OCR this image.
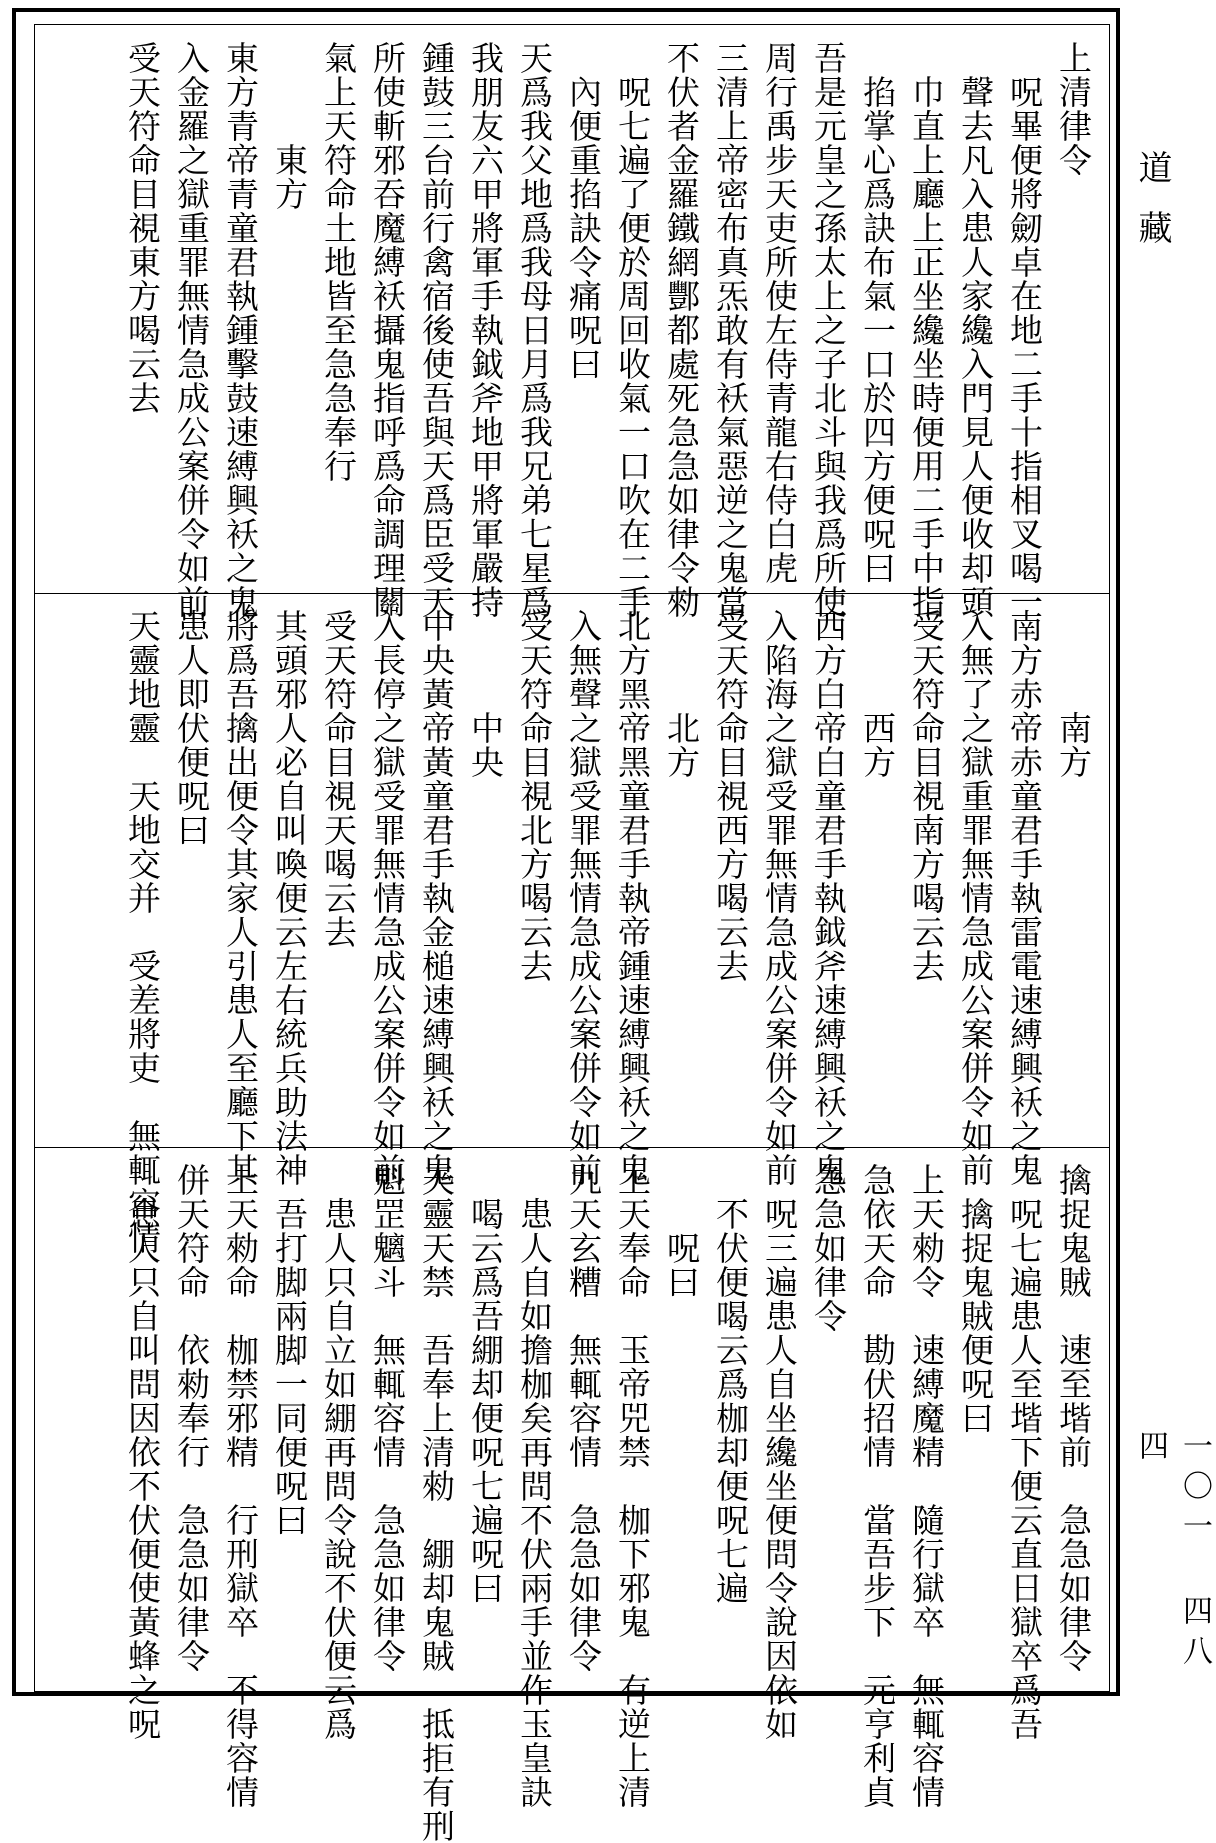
上清律令
　呪畢便將劒卓在地二手十指相叉喝一
　聲去凡入患人家纔入門見人便收却頭
　巾直上廳上正坐纔坐時便用二手中指
　掐掌心爲訣布氣一口於四方便呪曰
吾是元皇之孫太上之子北斗與我爲所使
周行禹步天吏所使左侍青龍右侍白虎
三清上帝密布真炁敢有袄氣惡逆之鬼當
不伏者金羅鐵網酆都處死急急如律令勑
　呪七遍了便於周回收氣一口吹在二手
　內便重掐訣令痛呪曰
天爲我父地爲我母日月爲我兄弟七星爲
我朋友六甲將軍手執鉞斧地甲將軍嚴持
鍾鼓三台前行禽宿後使吾與天爲臣受天
所使斬邪吞魔縛袄攝鬼指呼爲命調理關
氣上天符命土地皆至急急奉行
　　　東方
東方青帝青童君執鍾擊鼓速縛興袄之鬼
入金羅之獄重罪無情急成公案併令如前
受天符命目視東方喝云去
　　　南方
南方赤帝赤童君手執雷電速縛興袄之鬼
入無了之獄重罪無情急成公案併令如前
受天符命目視南方喝云去
　　　西方
西方白帝白童君手執鉞斧速縛興袄之鬼
入陷海之獄受罪無情急成公案併令如前
受天符命目視西方喝云去
　　　北方
北方黑帝黑童君手執帝鍾速縛興袄之鬼
入無聲之獄受罪無情急成公案併令如前
受天符命目視北方喝云去
　　　中央
中央黃帝黃童君手執金槌速縛興袄之鬼
入長停之獄受罪無情急成公案併令如前
受天符命目視天喝云去
其頭邪人必自叫喚便云左右統兵助法神
將爲吾擒出便令其家人引患人至廳下其
患人即伏便呪曰
天靈地靈　天地交并　受差將吏　無輒容情
擒捉鬼賊　速至堦前　急急如律令
　呪七遍患人至堦下便云直日獄卒爲吾
　擒捉鬼賊便呪曰
上天勑令　速縛魔精　隨行獄卒　無輒容情
急依天命　勘伏招情　當吾步下　元亨利貞
急急如律令
　呪三遍患人自坐纔坐便問令說因依如
　不伏便喝云爲枷却便呪七遍
　　呪曰
上天奉命　玉帝兕禁　枷下邪鬼　有逆上清
九天玄糟　無輒容情　急急如律令
　患人自如擔枷矣再問不伏兩手並作玉皇訣
　喝云爲吾綳却便呪七遍呪曰
天靈天禁　吾奉上清勑　綳却鬼賊　抵拒有刑
魁罡魑斗　無輒容情　急急如律令
　患人只自立如綳再問令說不伏便云爲
　吾打脚兩脚一同便呪曰
上天勑命　枷禁邪精　行刑獄卒　不得容情
併天符命　依勑奉行　急急如律令
　患人只自叫問因依不伏便使黃蜂之呪
道藏
一〇一 四八四
